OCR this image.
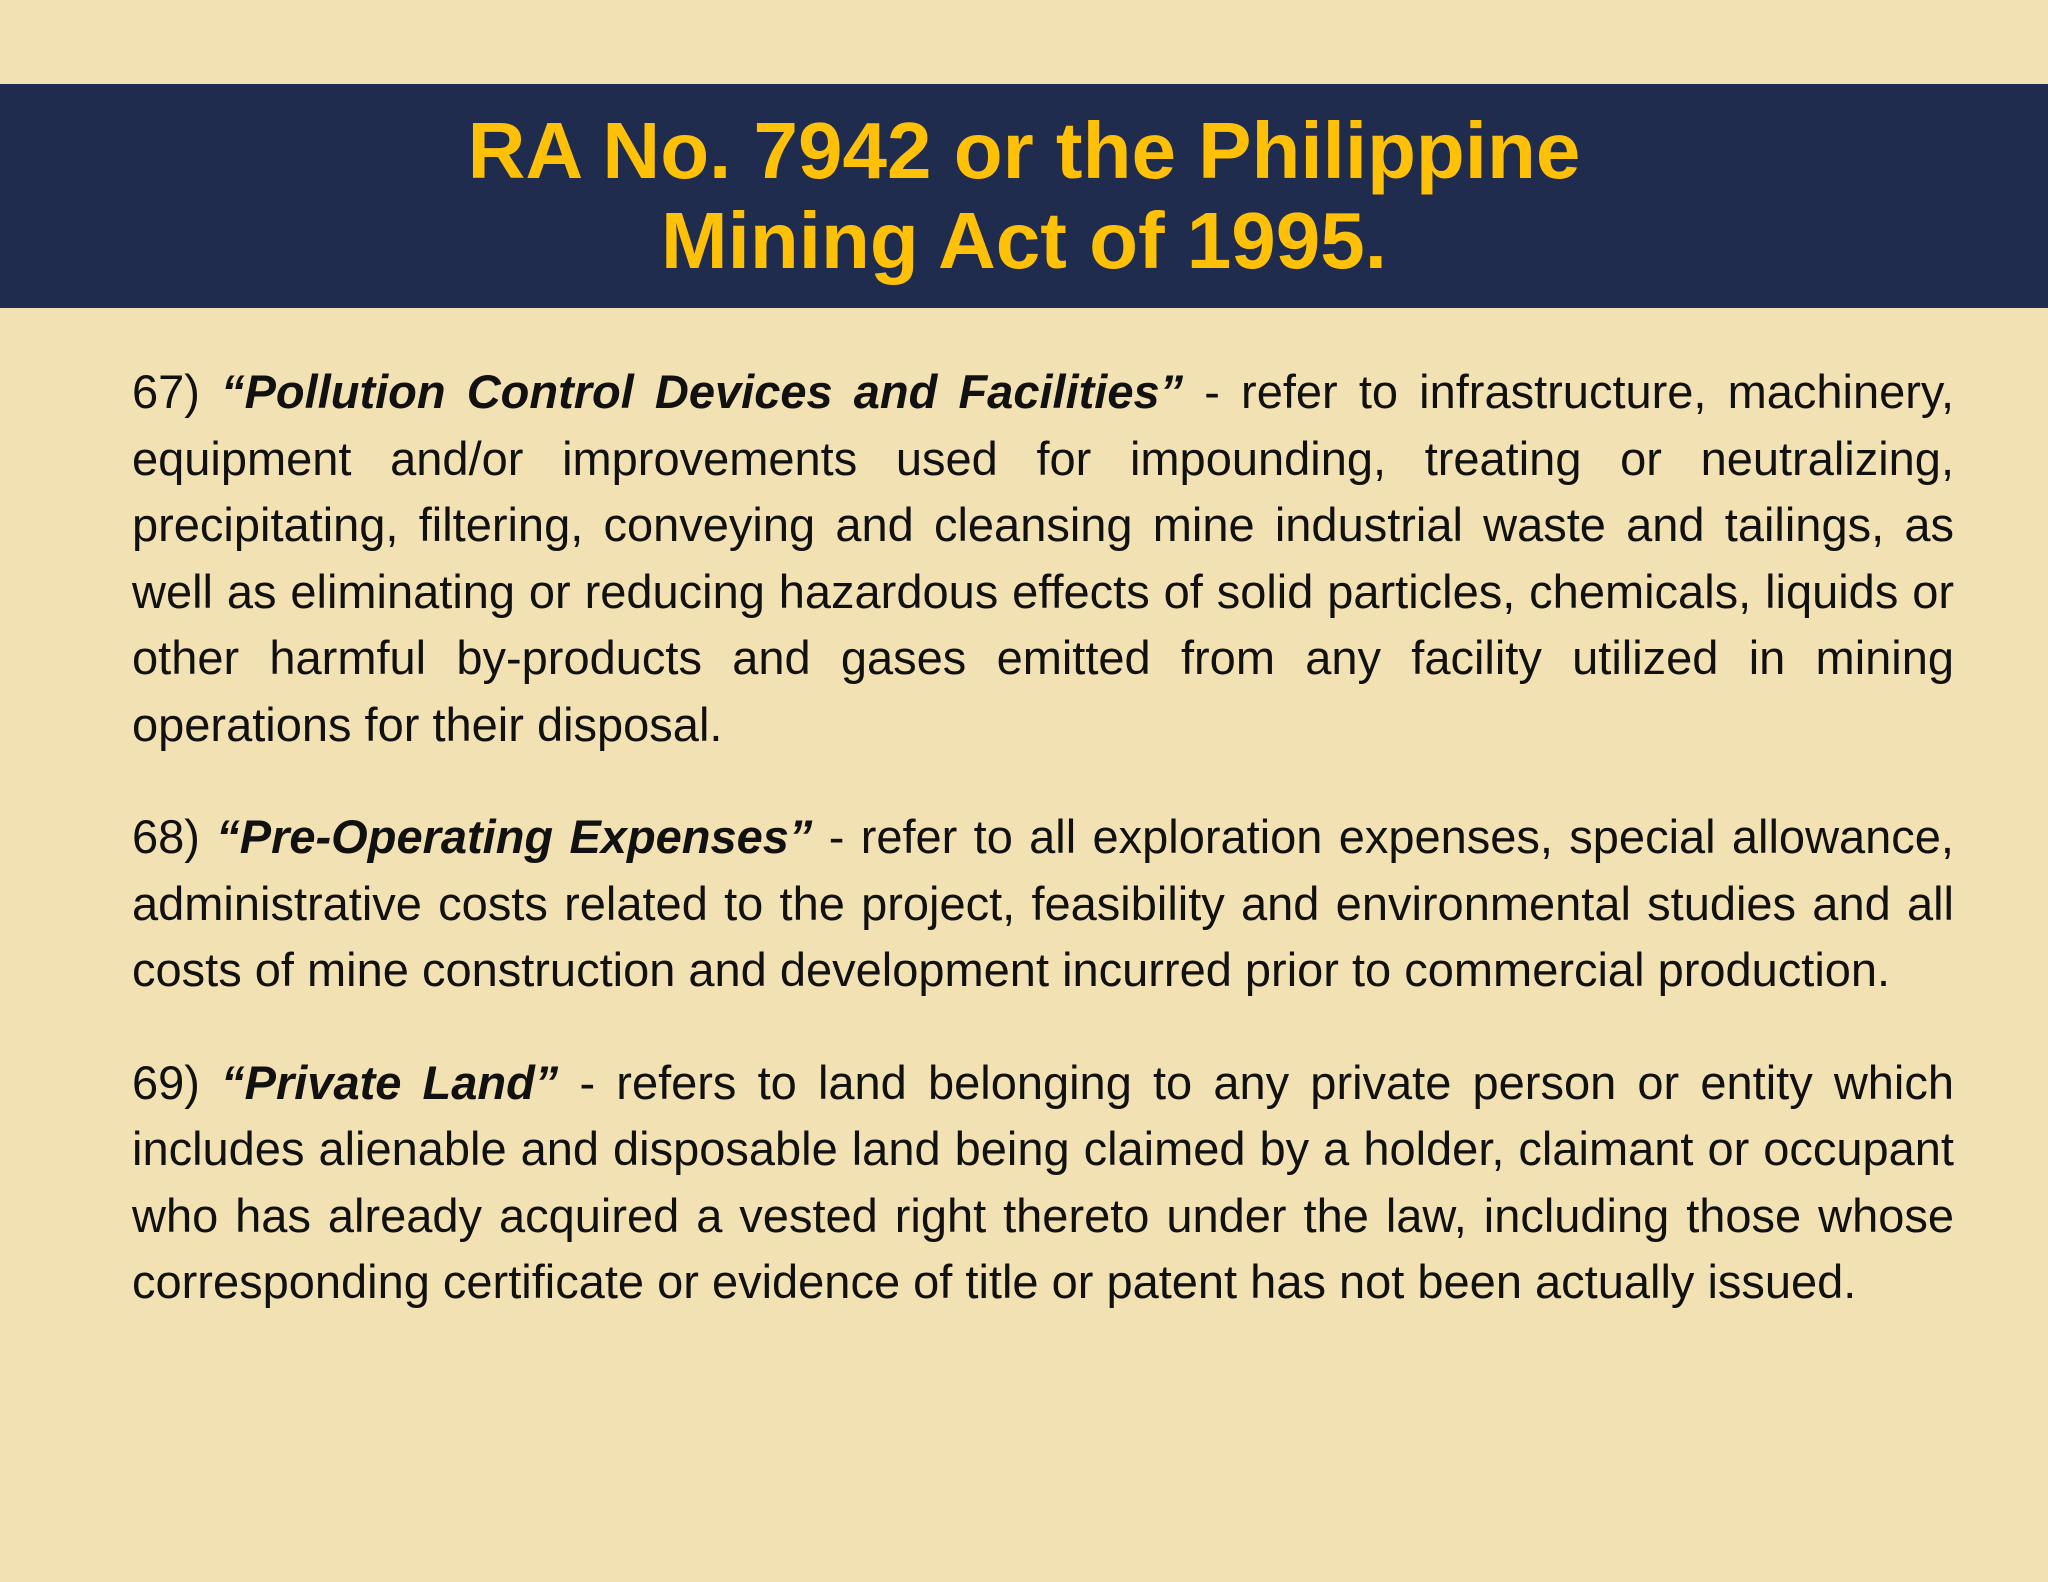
RA No. 7942 or the Philippine
Mining Act of 1995.

67) “Pollution Control Devices and Facilities” - refer to infrastructure, machinery, equipment and/or improvements used for impounding, treating or neutralizing, precipitating, filtering, conveying and cleansing mine industrial waste and tailings, as well as eliminating or reducing hazardous effects of solid particles, chemicals, liquids or other harmful by-products and gases emitted from any facility utilized in mining operations for their disposal.

68) “Pre-Operating Expenses” - refer to all exploration expenses, special allowance, administrative costs related to the project, feasibility and environmental studies and all costs of mine construction and development incurred prior to commercial production.

69) “Private Land” - refers to land belonging to any private person or entity which includes alienable and disposable land being claimed by a holder, claimant or occupant who has already acquired a vested right thereto under the law, including those whose corresponding certificate or evidence of title or patent has not been actually issued.
